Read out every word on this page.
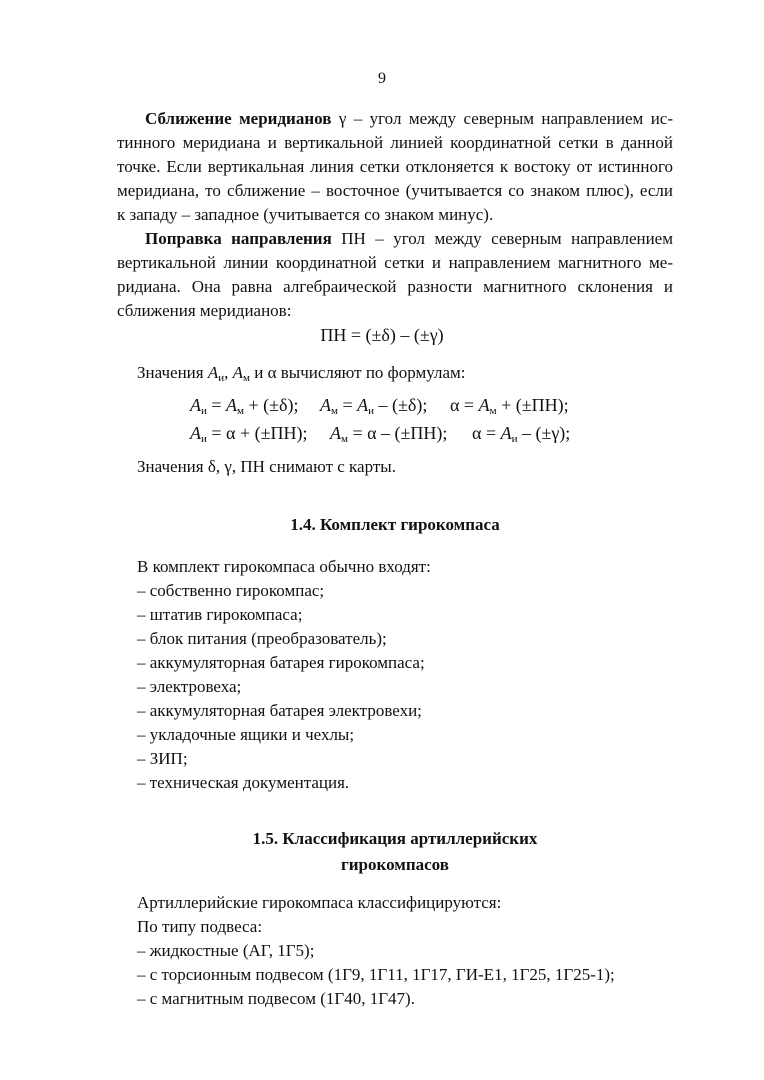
9
Сближение меридианов γ – угол между северным направлением ис-
тинного меридиана и вертикальной линией координатной сетки в данной
точке. Если вертикальная линия сетки отклоняется к востоку от истинного
меридиана, то сближение – восточное (учитывается со знаком плюс), если
к западу – западное (учитывается со знаком минус).
Поправка направления ПН – угол между северным направлением
вертикальной линии координатной сетки и направлением магнитного ме-
ридиана. Она равна алгебраической разности магнитного склонения и
сближения меридианов:
ПН = (±δ) – (±γ)
Значения $А_и$, $А_м$ и α вычисляют по формулам:
$А_и = А_м + (\pm\delta)$; $А_м = А_и - (\pm\delta)$; $\alpha = А_м + (\pm ПН)$;
$А_и = \alpha + (\pm ПН)$; $А_м = \alpha - (\pm ПН)$; $\alpha = А_и - (\pm\gamma)$;
Значения δ, γ, ПН снимают с карты.
1.4. Комплект гирокомпаса
В комплект гирокомпаса обычно входят:
– собственно гирокомпас;
– штатив гирокомпаса;
– блок питания (преобразователь);
– аккумуляторная батарея гирокомпаса;
– электровеха;
– аккумуляторная батарея электровехи;
– укладочные ящики и чехлы;
– ЗИП;
– техническая документация.
1.5. Классификация артиллерийских
гирокомпасов
Артиллерийские гирокомпаса классифицируются:
По типу подвеса:
– жидкостные (АГ, 1Г5);
– с торсионным подвесом (1Г9, 1Г11, 1Г17, ГИ-Е1, 1Г25, 1Г25-1);
– с магнитным подвесом (1Г40, 1Г47).
